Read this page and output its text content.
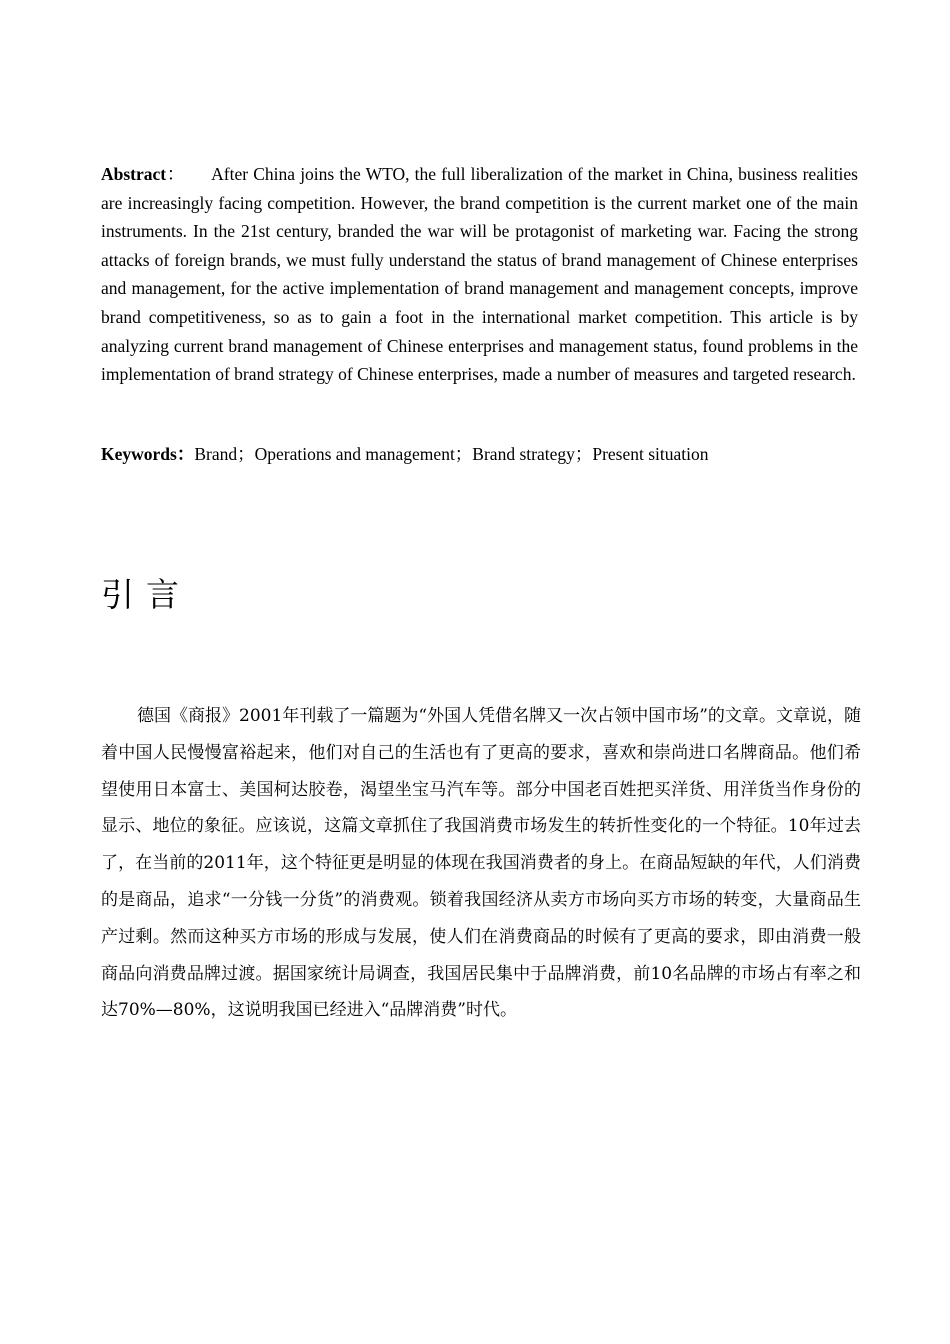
Abstract： After China joins the WTO, the full liberalization of the market in China, business realities are increasingly facing competition. However, the brand competition is the current market one of the main instruments. In the 21st century, branded the war will be protagonist of marketing war. Facing the strong attacks of foreign brands, we must fully understand the status of brand management of Chinese enterprises and management, for the active implementation of brand management and management concepts, improve brand competitiveness, so as to gain a foot in the international market competition. This article is by analyzing current brand management of Chinese enterprises and management status, found problems in the implementation of brand strategy of Chinese enterprises, made a number of measures and targeted research.

Keywords：Brand；Operations and management；Brand strategy；Present situation

引言

德国《商报》2001年刊载了一篇题为“外国人凭借名牌又一次占领中国市场”的文章。文章说，随着中国人民慢慢富裕起来，他们对自己的生活也有了更高的要求，喜欢和崇尚进口名牌商品。他们希望使用日本富士、美国柯达胶卷，渴望坐宝马汽车等。部分中国老百姓把买洋货、用洋货当作身份的显示、地位的象征。应该说，这篇文章抓住了我国消费市场发生的转折性变化的一个特征。10年过去了，在当前的2011年，这个特征更是明显的体现在我国消费者的身上。在商品短缺的年代，人们消费的是商品，追求“一分钱一分货”的消费观。锁着我国经济从卖方市场向买方市场的转变，大量商品生产过剩。然而这种买方市场的形成与发展，使人们在消费商品的时候有了更高的要求，即由消费一般商品向消费品牌过渡。据国家统计局调查，我国居民集中于品牌消费，前10名品牌的市场占有率之和达70%—80%，这说明我国已经进入“品牌消费”时代。
